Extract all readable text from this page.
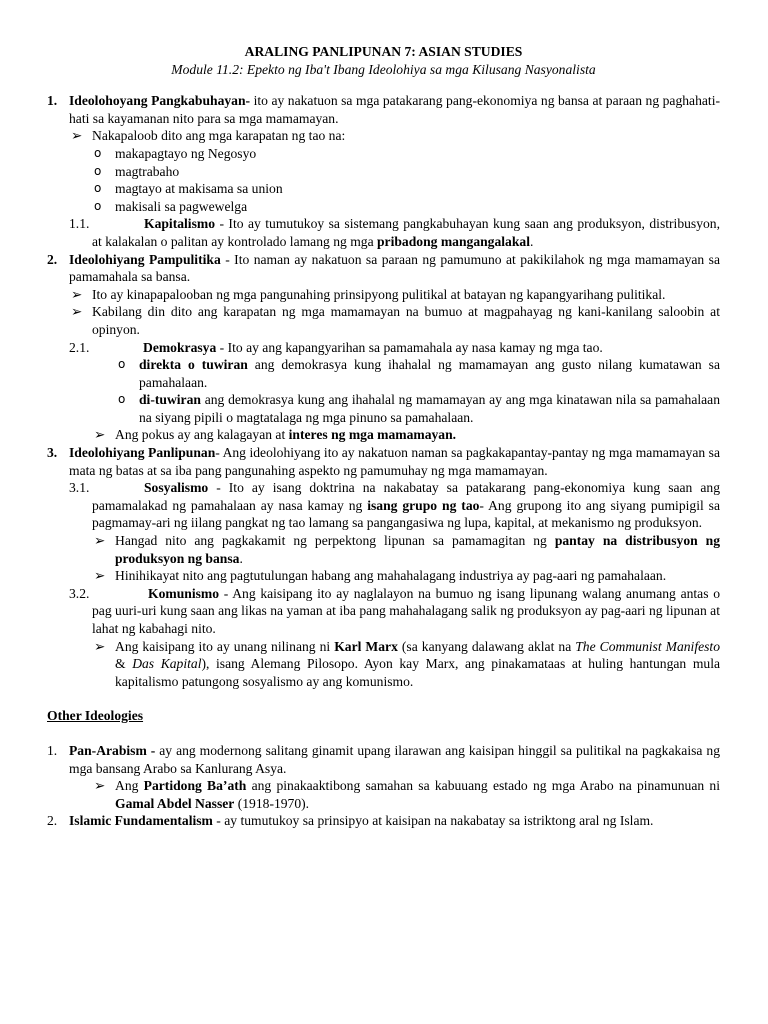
ARALING PANLIPUNAN 7: ASIAN STUDIES
Module 11.2: Epekto ng Iba't Ibang Ideolohiya sa mga Kilusang Nasyonalista
1. Ideolohoyang Pangkabuhayan- ito ay nakatuon sa mga patakarang pang-ekonomiya ng bansa at paraan ng paghahati-hati sa kayamanan nito para sa mga mamamayan.
➢ Nakapaloob dito ang mga karapatan ng tao na:
o makapagtayo ng Negosyo
o magtrabaho
o magtayo at makisama sa union
o makisali sa pagwewelga
1.1.	Kapitalismo - Ito ay tumutukoy sa sistemang pangkabuhayan kung saan ang produksyon, distribusyon, at kalakalan o palitan ay kontrolado lamang ng mga pribadong mangangalakal.
2. Ideolohiyang Pampulitika - Ito naman ay nakatuon sa paraan ng pamumuno at pakikilahok ng mga mamamayan sa pamamahala sa bansa.
➢ Ito ay kinapapalooban ng mga pangunahing prinsipyong pulitikal at batayan ng kapangyarihang pulitikal.
➢ Kabilang din dito ang karapatan ng mga mamamayan na bumuo at magpahayag ng kani-kanilang saloobin at opinyon.
2.1.	Demokrasya - Ito ay ang kapangyarihan sa pamamahala ay nasa kamay ng mga tao.
o direkta o tuwiran ang demokrasya kung ihahalal ng mamamayan ang gusto nilang kumatawan sa pamahalaan.
o di-tuwiran ang demokrasya kung ang ihahalal ng mamamayan ay ang mga kinatawan nila sa pamahalaan na siyang pipili o magtatalaga ng mga pinuno sa pamahalaan.
➢ Ang pokus ay ang kalagayan at interes ng mga mamamayan.
3. Ideolohiyang Panlipunan- Ang ideolohiyang ito ay nakatuon naman sa pagkakapantay-pantay ng mga mamamayan sa mata ng batas at sa iba pang pangunahing aspekto ng pamumuhay ng mga mamamayan.
3.1.	Sosyalismo - Ito ay isang doktrina na nakabatay sa patakarang pang-ekonomiya kung saan ang pamamalakad ng pamahalaan ay nasa kamay ng isang grupo ng tao- Ang grupong ito ang siyang pumipigil sa pagmamay-ari ng iilang pangkat ng tao lamang sa pangangasiwa ng lupa, kapital, at mekanismo ng produksyon.
➢ Hangad nito ang pagkakamit ng perpektong lipunan sa pamamagitan ng pantay na distribusyon ng produksyon ng bansa.
➢ Hinihikayat nito ang pagtutulungan habang ang mahahalagang industriya ay pag-aari ng pamahalaan.
3.2.	Komunismo - Ang kaisipang ito ay naglalayon na bumuo ng isang lipunang walang anumang antas o pag uuri-uri kung saan ang likas na yaman at iba pang mahahalagang salik ng produksyon ay pag-aari ng lipunan at lahat ng kabahagi nito.
➢ Ang kaisipang ito ay unang nilinang ni Karl Marx (sa kanyang dalawang aklat na The Communist Manifesto & Das Kapital), isang Alemang Pilosopo. Ayon kay Marx, ang pinakamataas at huling hantungan mula kapitalismo patungong sosyalismo ay ang komunismo.
Other Ideologies
1. Pan-Arabism - ay ang modernong salitang ginamit upang ilarawan ang kaisipan hinggil sa pulitikal na pagkakaisa ng mga bansang Arabo sa Kanlurang Asya.
➢ Ang Partidong Ba’ath ang pinakaaktibong samahan sa kabuuang estado ng mga Arabo na pinamunuan ni Gamal Abdel Nasser (1918-1970).
2. Islamic Fundamentalism - ay tumutukoy sa prinsipyo at kaisipan na nakabatay sa istriktong aral ng Islam.
